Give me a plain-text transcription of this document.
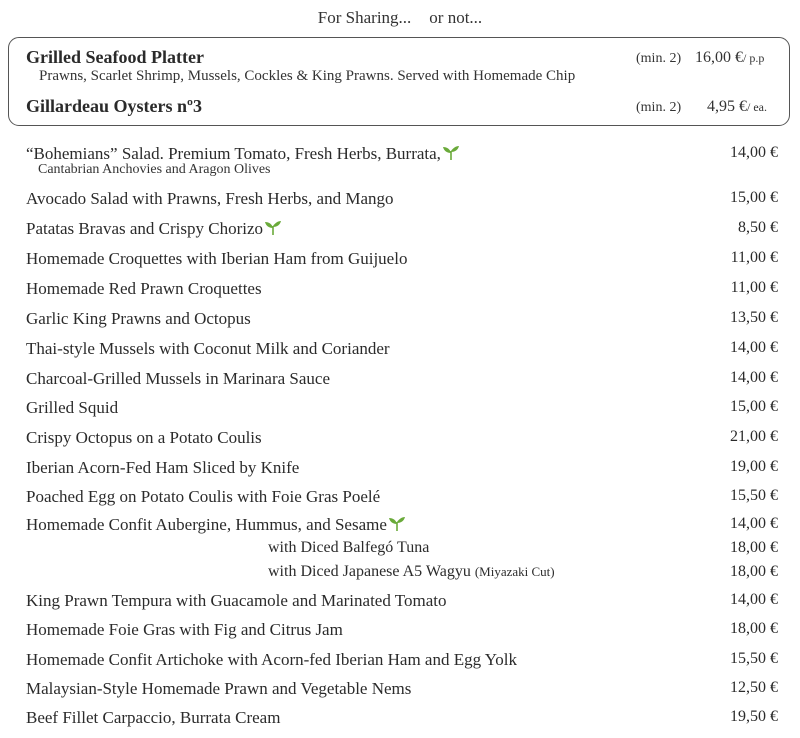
For Sharing... or not...
Grilled Seafood Platter	(min. 2) 16,00 €/ p.p
Prawns, Scarlet Shrimp, Mussels, Cockles & King Prawns. Served with Homemade Chip
Gillardeau Oysters nº3	(min. 2) 4,95 €/ ea.
“Bohemians” Salad. Premium Tomato, Fresh Herbs, Burrata,	14,00 €
Cantabrian Anchovies and Aragon Olives
Avocado Salad with Prawns, Fresh Herbs, and Mango	15,00 €
Patatas Bravas and Crispy Chorizo	8,50 €
Homemade Croquettes with Iberian Ham from Guijuelo	11,00 €
Homemade Red Prawn Croquettes	11,00 €
Garlic King Prawns and Octopus	13,50 €
Thai-style Mussels with Coconut Milk and Coriander	14,00 €
Charcoal-Grilled Mussels in Marinara Sauce	14,00 €
Grilled Squid	15,00 €
Crispy Octopus on a Potato Coulis	21,00 €
Iberian Acorn-Fed Ham Sliced by Knife	19,00 €
Poached Egg on Potato Coulis with Foie Gras Poelé	15,50 €
Homemade Confit Aubergine, Hummus, and Sesame	14,00 €
with Diced Balfegó Tuna	18,00 €
with Diced Japanese A5 Wagyu (Miyazaki Cut)	18,00 €
King Prawn Tempura with Guacamole and Marinated Tomato	14,00 €
Homemade Foie Gras with Fig and Citrus Jam	18,00 €
Homemade Confit Artichoke with Acorn-fed Iberian Ham and Egg Yolk	15,50 €
Malaysian-Style Homemade Prawn and Vegetable Nems	12,50 €
Beef Fillet Carpaccio, Burrata Cream	19,50 €
